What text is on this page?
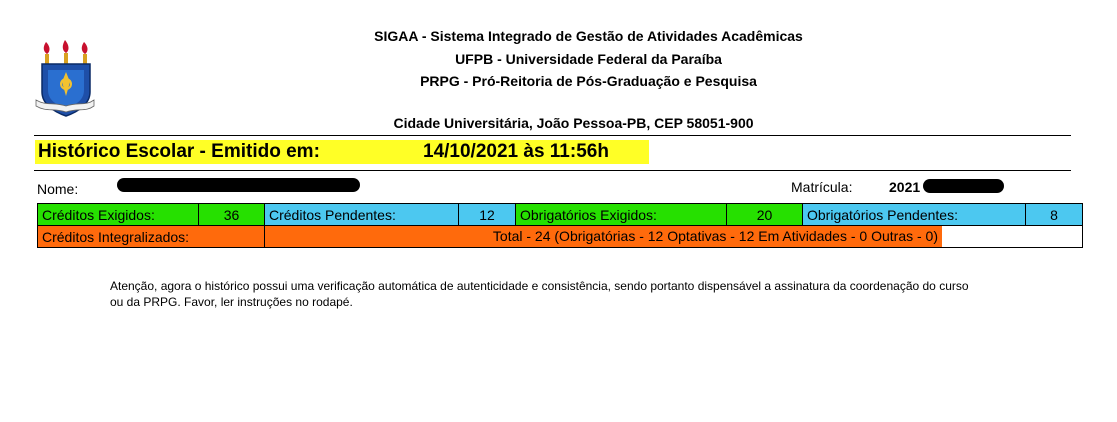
SIGAA - Sistema Integrado de Gestão de Atividades Acadêmicas
UFPB - Universidade Federal da Paraíba
PRPG - Pró-Reitoria de Pós-Graduação e Pesquisa
Cidade Universitária, João Pessoa-PB, CEP 58051-900
Histórico Escolar - Emitido em:	14/10/2021 às 11:56h
Nome:	Matrícula:	2021
Créditos Exigidos:	36	Créditos Pendentes:	12	Obrigatórios Exigidos:	20	Obrigatórios Pendentes:	8
Créditos Integralizados:		Total - 24 (Obrigatórias - 12 Optativas - 12 Em Atividades - 0 Outras - 0)					
Atenção, agora o histórico possui uma verificação automática de autenticidade e consistência, sendo portanto dispensável a assinatura da coordenação do curso ou da PRPG. Favor, ler instruções no rodapé.
